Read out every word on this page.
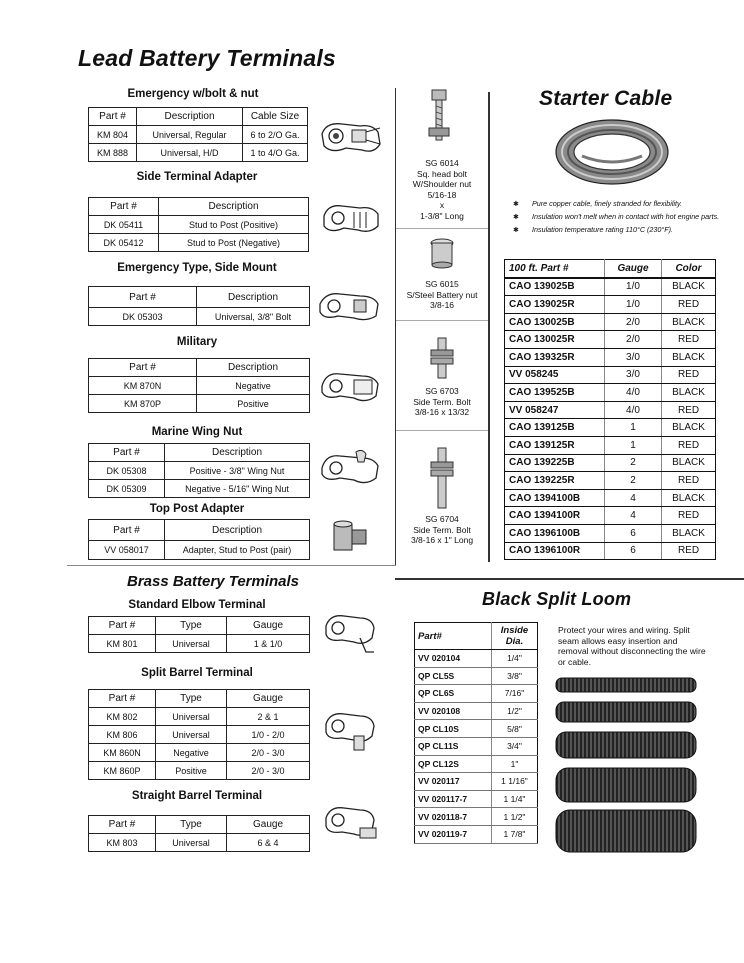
Lead Battery Terminals
Brass Battery Terminals
Starter Cable
Black Split Loom
Emergency w/bolt & nut
Part #	Description	Cable Size
KM 804	Universal, Regular	6 to 2/O Ga.
KM 888	Universal, H/D	1 to 4/O Ga.
Side Terminal Adapter
Part #	Description
DK 05411	Stud to Post (Positive)
DK 05412	Stud to Post (Negative)
Emergency Type, Side Mount
Part #	Description
DK 05303	Universal, 3/8" Bolt
Military
Part #	Description
KM 870N	Negative
KM 870P	Positive
Marine Wing Nut
Part #	Description
DK 05308	Positive - 3/8" Wing Nut
DK 05309	Negative - 5/16" Wing Nut
Top Post Adapter
Part #	Description
VV 058017	Adapter, Stud to Post (pair)
Standard Elbow Terminal
Part #	Type	Gauge
KM 801	Universal	1 & 1/0
Split Barrel Terminal
Part #	Type	Gauge
KM 802	Universal	2 & 1
KM 806	Universal	1/0 - 2/0
KM 860N	Negative	2/0 - 3/0
KM 860P	Positive	2/0 - 3/0
Straight Barrel Terminal
Part #	Type	Gauge
KM 803	Universal	6 & 4
SG 6014
Sq. head bolt
W/Shoulder nut
5/16-18
x
1-3/8" Long
SG 6015
S/Steel Battery nut
3/8-16
SG 6703
Side Term. Bolt
3/8-16 x 13/32
SG 6704
Side Term. Bolt
3/8-16 x 1" Long
✱ Pure copper cable, finely stranded for flexibility.
✱ Insulation won't melt when in contact with hot engine parts.
✱ Insulation temperature rating 110°C (230°F).
100 ft. Part #	Gauge	Color
CAO 139025B	1/0	BLACK
CAO 139025R	1/0	RED
CAO 130025B	2/0	BLACK
CAO 130025R	2/0	RED
CAO 139325R	3/0	BLACK
VV 058245	3/0	RED
CAO 139525B	4/0	BLACK
VV 058247	4/0	RED
CAO 139125B	1	BLACK
CAO 139125R	1	RED
CAO 139225B	2	BLACK
CAO 139225R	2	RED
CAO 1394100B	4	BLACK
CAO 1394100R	4	RED
CAO 1396100B	6	BLACK
CAO 1396100R	6	RED
Part#	Inside Dia.
VV 020104	1/4"
QP CL5S	3/8"
QP CL6S	7/16"
VV 020108	1/2"
QP CL10S	5/8"
QP CL11S	3/4"
QP CL12S	1"
VV 020117	1 1/16"
VV 020117-7	1 1/4"
VV 020118-7	1 1/2"
VV 020119-7	1 7/8"
Protect your wires and wiring. Split seam allows easy insertion and removal without disconnecting the wire or cable.
